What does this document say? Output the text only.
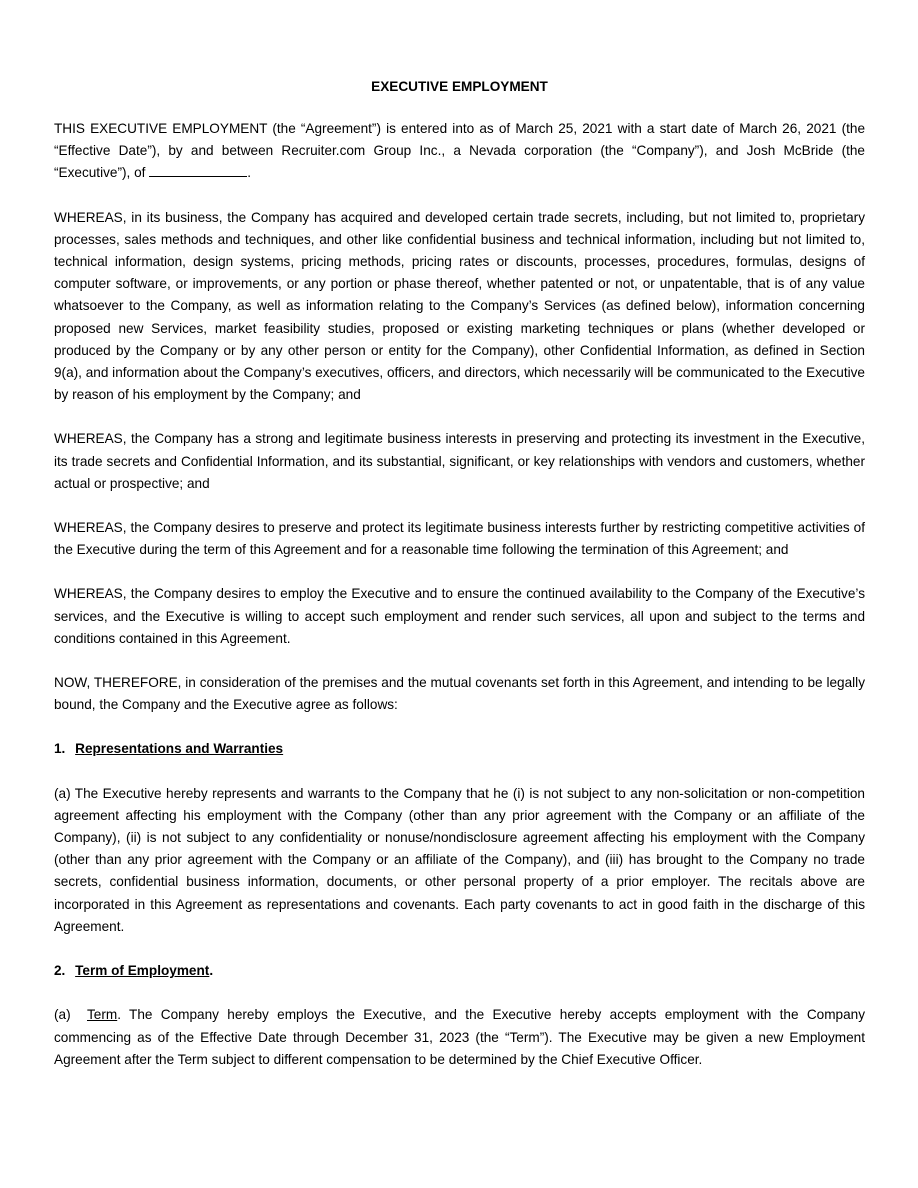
EXECUTIVE EMPLOYMENT

THIS EXECUTIVE EMPLOYMENT (the “Agreement”) is entered into as of March 25, 2021 with a start date of March 26, 2021 (the “Effective Date”), by and between Recruiter.com Group Inc., a Nevada corporation (the “Company”), and Josh McBride (the “Executive”), of	.

WHEREAS, in its business, the Company has acquired and developed certain trade secrets, including, but not limited to, proprietary processes, sales methods and techniques, and other like confidential business and technical information, including but not limited to, technical information, design systems, pricing methods, pricing rates or discounts, processes, procedures, formulas, designs of computer software, or improvements, or any portion or phase thereof, whether patented or not, or unpatentable, that is of any value whatsoever to the Company, as well as information relating to the Company’s Services (as defined below), information concerning proposed new Services, market feasibility studies, proposed or existing marketing techniques or plans (whether developed or produced by the Company or by any other person or entity for the Company), other Confidential Information, as defined in Section 9(a), and information about the Company’s executives, officers, and directors, which necessarily will be communicated to the Executive by reason of his employment by the Company; and

WHEREAS, the Company has a strong and legitimate business interests in preserving and protecting its investment in the Executive, its trade secrets and Confidential Information, and its substantial, significant, or key relationships with vendors and customers, whether actual or prospective; and

WHEREAS, the Company desires to preserve and protect its legitimate business interests further by restricting competitive activities of the Executive during the term of this Agreement and for a reasonable time following the termination of this Agreement; and

WHEREAS, the Company desires to employ the Executive and to ensure the continued availability to the Company of the Executive’s services, and the Executive is willing to accept such employment and render such services, all upon and subject to the terms and conditions contained in this Agreement.

NOW, THEREFORE, in consideration of the premises and the mutual covenants set forth in this Agreement, and intending to be legally bound, the Company and the Executive agree as follows:

1. Representations and Warranties

(a) The Executive hereby represents and warrants to the Company that he (i) is not subject to any non-solicitation or non-competition agreement affecting his employment with the Company (other than any prior agreement with the Company or an affiliate of the Company), (ii) is not subject to any confidentiality or nonuse/nondisclosure agreement affecting his employment with the Company (other than any prior agreement with the Company or an affiliate of the Company), and (iii) has brought to the Company no trade secrets, confidential business information, documents, or other personal property of a prior employer. The recitals above are incorporated in this Agreement as representations and covenants. Each party covenants to act in good faith in the discharge of this Agreement.

2. Term of Employment.

(a)  Term. The Company hereby employs the Executive, and the Executive hereby accepts employment with the Company commencing as of the Effective Date through December 31, 2023 (the “Term”). The Executive may be given a new Employment Agreement after the Term subject to different compensation to be determined by the Chief Executive Officer.
